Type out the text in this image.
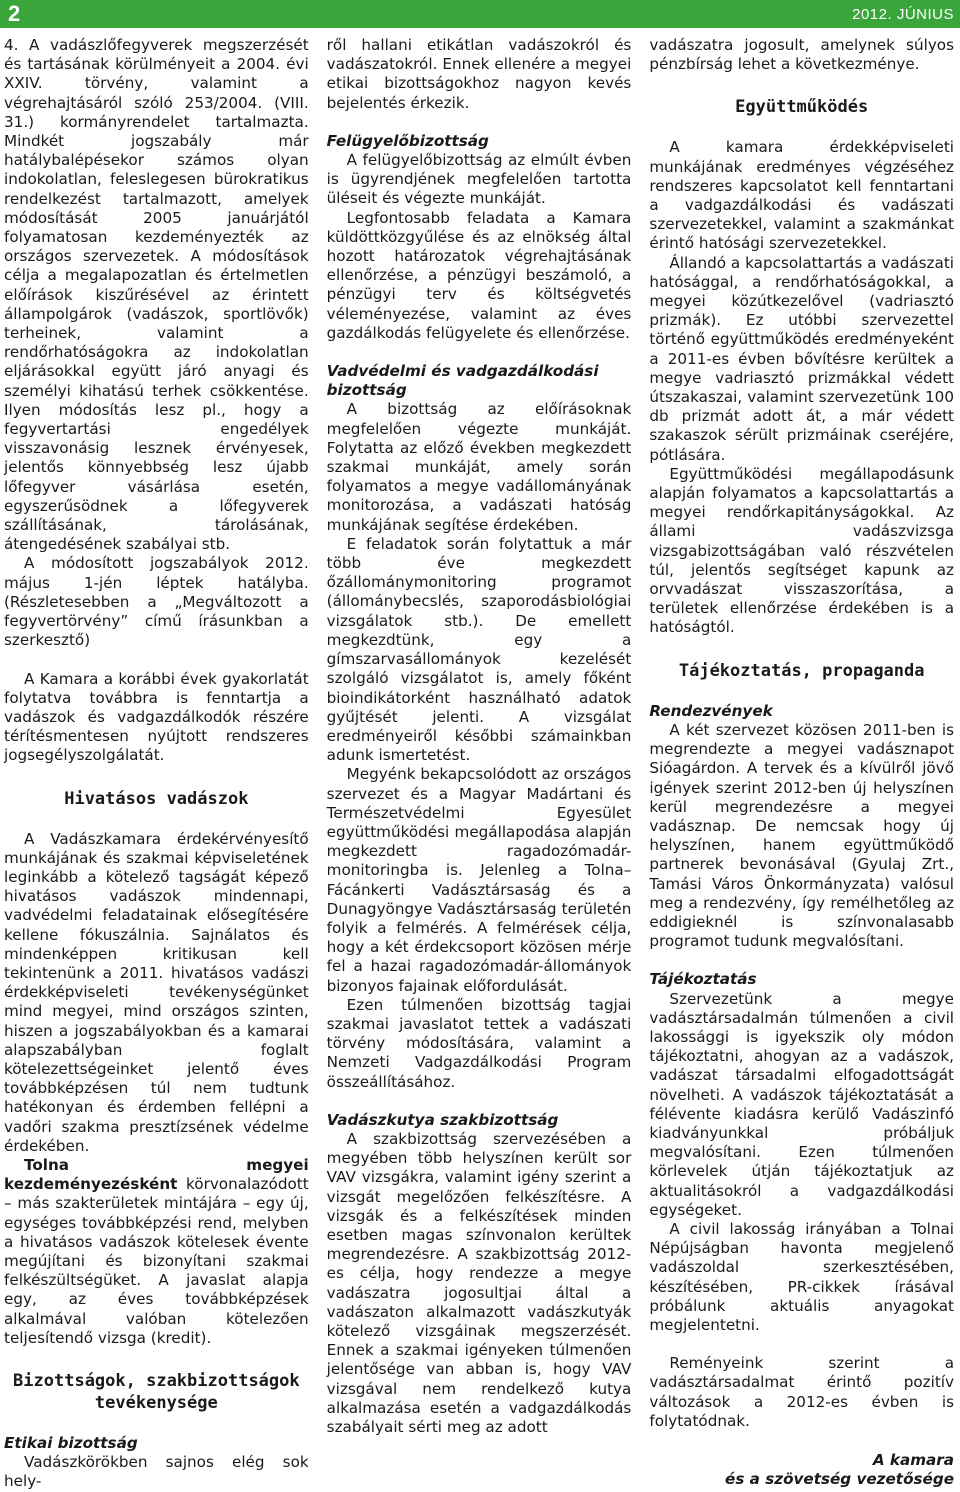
2	2012. JÚNIUS

4. A vadászlőfegyverek megszerzését és tartásának körülményeit a 2004. évi XXIV. törvény, valamint a végrehajtásáról szóló 253/2004. (VIII. 31.) kormányrendelet tartalmazta. Mindkét jogszabály már hatálybalépésekor számos olyan indokolatlan, feleslegesen bürokratikus rendelkezést tartalmazott, amelyek módosítását 2005 januárjától folyamatosan kezdeményezték az országos szervezetek. A módosítások célja a megalapozatlan és értelmetlen előírások kiszűrésével az érintett állampolgárok (vadászok, sportlövők) terheinek, valamint a rendőrhatóságokra az indokolatlan eljárásokkal együtt járó anyagi és személyi kihatású terhek csökkentése. Ilyen módosítás lesz pl., hogy a fegyvertartási engedélyek visszavonásig lesznek érvényesek, jelentős könnyebbség lesz újabb lőfegyver vásárlása esetén, egyszerűsödnek a lőfegyverek szállításának, tárolásának, átengedésének szabályai stb.

A módosított jogszabályok 2012. május 1-jén léptek hatályba. (Részletesebben a „Megváltozott a fegyvertörvény” című írásunkban a szerkesztő)

A Kamara a korábbi évek gyakorlatát folytatva továbbra is fenntartja a vadászok és vadgazdálkodók részére térítésmentesen nyújtott rendszeres jogsegélyszolgálatát.

Hivatásos vadászok

A Vadászkamara érdekérvényesítő munkájának és szakmai képviseletének leginkább a kötelező tagságát képező hivatásos vadászok mindennapi, vadvédelmi feladatainak elősegítésére kellene fókuszálnia. Sajnálatos és mindenképpen kritikusan kell tekintenünk a 2011. hivatásos vadászi érdekképviseleti tevékenységünket mind megyei, mind országos szinten, hiszen a jogszabályokban és a kamarai alapszabályban foglalt kötelezettségeinket jelentő éves továbbképzésen túl nem tudtunk hatékonyan és érdemben fellépni a vadőri szakma presztízsének védelme érdekében.

Tolna megyei kezdeményezésként körvonalazódott – más szakterületek mintájára – egy új, egységes továbbképzési rend, melyben a hivatásos vadászok kötelesek évente megújítani és bizonyítani szakmai felkészültségüket. A javaslat alapja egy, az éves továbbképzések alkalmával valóban kötelezően teljesítendő vizsga (kredit).

Bizottságok, szakbizottságok tevékenysége
Etikai bizottság

Vadászkörökben sajnos elég sok hely-

ről hallani etikátlan vadászokról és vadászatokról. Ennek ellenére a megyei etikai bizottságokhoz nagyon kevés bejelentés érkezik.

Felügyelőbizottság

A felügyelőbizottság az elmúlt évben is ügyrendjének megfelelően tartotta üléseit és végezte munkáját.

Legfontosabb feladata a Kamara küldöttközgyűlése és az elnökség által hozott határozatok végrehajtásának ellenőrzése, a pénzügyi beszámoló, a pénzügyi terv és költségvetés véleményezése, valamint az éves gazdálkodás felügyelete és ellenőrzése.

Vadvédelmi és vadgazdálkodási bizottság

A bizottság az előírásoknak megfelelően végezte munkáját. Folytatta az előző években megkezdett szakmai munkáját, amely során folyamatos a megye vadállományának monitorozása, a vadászati hatóság munkájának segítése érdekében.

E feladatok során folytattuk a már több éve megkezdett őzállománymonitoring programot (állománybecslés, szaporodásbiológiai vizsgálatok stb.). De emellett megkezdtünk, egy a gímszarvasállományok kezelését szolgáló vizsgálatot is, amely főként bioindikátorként használható adatok gyűjtését jelenti. A vizsgálat eredményeiről későbbi számainkban adunk ismertetést.

Megyénk bekapcsolódott az országos szervezet és a Magyar Madártani és Természetvédelmi Egyesület együttműködési megállapodása alapján megkezdett ragadozómadár-monitoringba is. Jelenleg a Tolna–Fácánkerti Vadásztársaság és a Dunagyöngye Vadásztársaság területén folyik a felmérés. A felmérések célja, hogy a két érdekcsoport közösen mérje fel a hazai ragadozómadár-állományok bizonyos fajainak előfordulását.

Ezen túlmenően bizottság tagjai szakmai javaslatot tettek a vadászati törvény módosítására, valamint a Nemzeti Vadgazdálkodási Program összeállításához.

Vadászkutya szakbizottság

A szakbizottság szervezésében a megyében több helyszínen került sor VAV vizsgákra, valamint igény szerint a vizsgát megelőzően felkészítésre. A vizsgák és a felkészítések minden esetben magas színvonalon kerültek megrendezésre. A szakbizottság 2012-es célja, hogy rendezze a megye vadászatra jogosultjai által a vadászaton alkalmazott vadászkutyák kötelező vizsgáinak megszerzését. Ennek a szakmai igényeken túlmenően jelentősége van abban is, hogy VAV vizsgával nem rendelkező kutya alkalmazása esetén a vadgazdálkodás szabályait sérti meg az adott

vadászatra jogosult, amelynek súlyos pénzbírság lehet a következménye.

Együttműködés

A kamara érdekképviseleti munkájának eredményes végzéséhez rendszeres kapcsolatot kell fenntartani a vadgazdálkodási és vadászati szervezetekkel, valamint a szakmánkat érintő hatósági szervezetekkel.

Állandó a kapcsolattartás a vadászati hatósággal, a rendőrhatóságokkal, a megyei közútkezelővel (vadriasztó prizmák). Ez utóbbi szervezettel történő együttműködés eredményeként a 2011-es évben bővítésre kerültek a megye vadriasztó prizmákkal védett útszakaszai, valamint szervezetünk 100 db prizmát adott át, a már védett szakaszok sérült prizmáinak cseréjére, pótlására.

Együttműködési megállapodásunk alapján folyamatos a kapcsolattartás a megyei rendőrkapitányságokkal. Az állami vadászvizsga vizsgabizottságában való részvételen túl, jelentős segítséget kapunk az orvvadászat visszaszorítása, a területek ellenőrzése érdekében is a hatóságtól.

Tájékoztatás, propaganda
Rendezvények

A két szervezet közösen 2011-ben is megrendezte a megyei vadásznapot Sióagárdon. A tervek és a kívülről jövő igények szerint 2012-ben új helyszínen kerül megrendezésre a megyei vadásznap. De nemcsak hogy új helyszínen, hanem együttműködő partnerek bevonásával (Gyulaj Zrt., Tamási Város Önkormányzata) valósul meg a rendezvény, így remélhetőleg az eddigieknél is színvonalasabb programot tudunk megvalósítani.

Tájékoztatás

Szervezetünk a megye vadásztársadalmán túlmenően a civil lakossággi is igyekszik oly módon tájékoztatni, ahogyan az a vadászok, vadászat társadalmi elfogadottságát növelheti. A vadászok tájékoztatását a félévente kiadásra kerülő Vadászinfó kiadványunkkal próbáljuk megvalósítani. Ezen túlmenően körlevelek útján tájékoztatjuk az aktualitásokról a vadgazdálkodási egységeket.

A civil lakosság irányában a Tolnai Népújságban havonta megjelenő vadászoldal szerkesztésében, készítésében, PR-cikkek írásával próbálunk aktuális anyagokat megjelentetni.

Reményeink szerint a vadásztársadalmat érintő pozitív változások a 2012-es évben is folytatódnak.

A kamara
és a szövetség vezetősége
